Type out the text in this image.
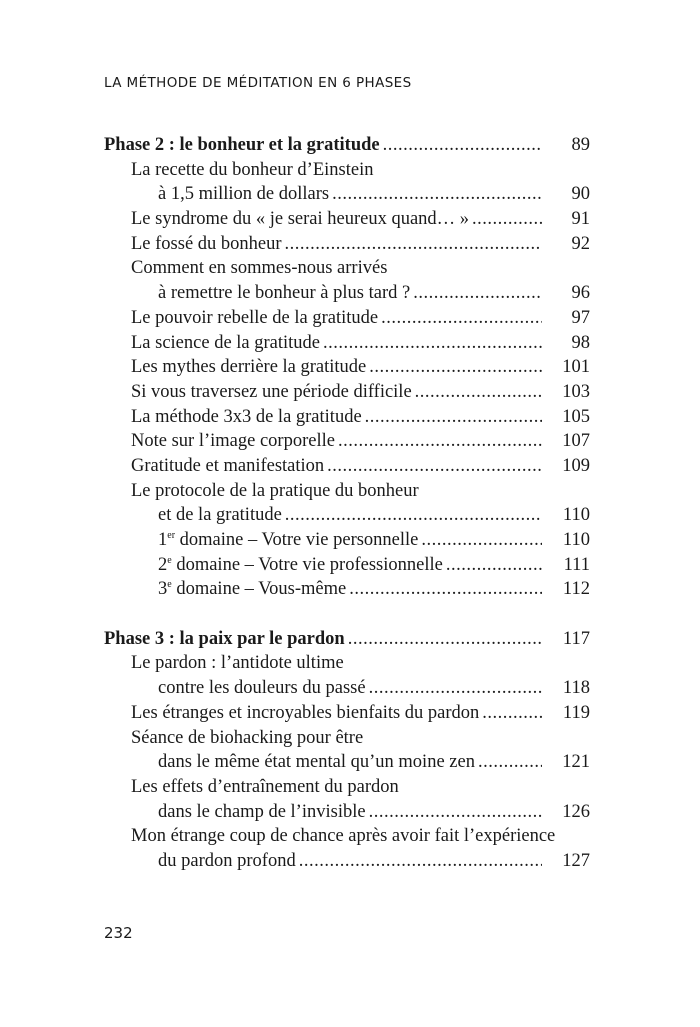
LA MÉTHODE DE MÉDITATION EN 6 PHASES
Phase 2 : le bonheur et la gratitude .....	89
La recette du bonheur d’Einstein
à 1,5 million de dollars .....	90
Le syndrome du « je serai heureux quand… » .....	91
Le fossé du bonheur .....	92
Comment en sommes-nous arrivés
à remettre le bonheur à plus tard ? .....	96
Le pouvoir rebelle de la gratitude .....	97
La science de la gratitude .....	98
Les mythes derrière la gratitude .....	101
Si vous traversez une période difficile .....	103
La méthode 3x3 de la gratitude .....	105
Note sur l’image corporelle .....	107
Gratitude et manifestation .....	109
Le protocole de la pratique du bonheur
et de la gratitude .....	110
1er domaine – Votre vie personnelle .....	110
2e domaine – Votre vie professionnelle .....	111
3e domaine – Vous-même .....	112
Phase 3 : la paix par le pardon .....	117
Le pardon : l’antidote ultime
contre les douleurs du passé .....	118
Les étranges et incroyables bienfaits du pardon .....	119
Séance de biohacking pour être
dans le même état mental qu’un moine zen .....	121
Les effets d’entraînement du pardon
dans le champ de l’invisible .....	126
Mon étrange coup de chance après avoir fait l’expérience
du pardon profond .....	127
232
